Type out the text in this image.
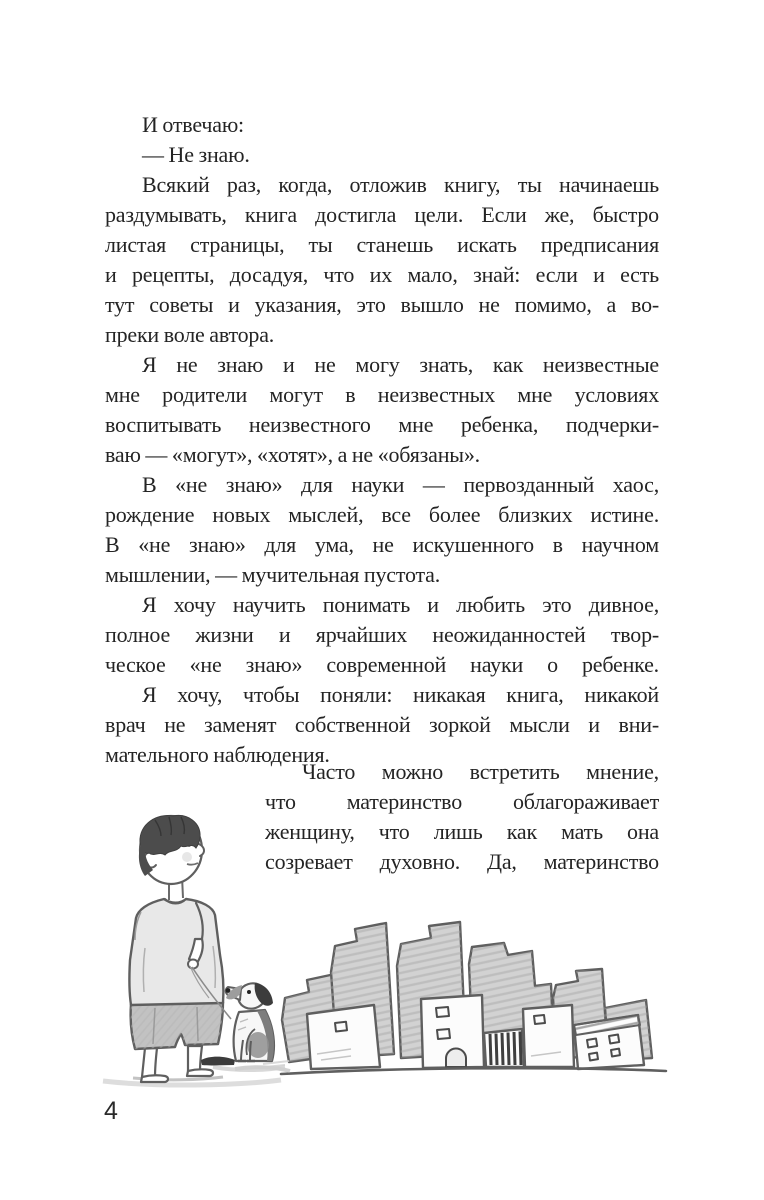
И отвечаю:
— Не знаю.
Всякий раз, когда, отложив книгу, ты начинаешь
раздумывать, книга достигла цели. Если же, быстро
листая страницы, ты станешь искать предписания
и рецепты, досадуя, что их мало, знай: если и есть
тут советы и указания, это вышло не помимо, а во-
преки воле автора.
Я не знаю и не могу знать, как неизвестные
мне родители могут в неизвестных мне условиях
воспитывать неизвестного мне ребенка, подчерки-
ваю — «могут», «хотят», а не «обязаны».
В «не знаю» для науки — первозданный хаос,
рождение новых мыслей, все более близких истине.
В «не знаю» для ума, не искушенного в научном
мышлении, — мучительная пустота.
Я хочу научить понимать и любить это дивное,
полное жизни и ярчайших неожиданностей твор-
ческое «не знаю» современной науки о ребенке.
Я хочу, чтобы поняли: никакая книга, никакой
врач не заменят собственной зоркой мысли и вни-
мательного наблюдения.
Часто можно встретить мнение,
что материнство облагораживает
женщину, что лишь как мать она
созревает духовно. Да, материнство
4
